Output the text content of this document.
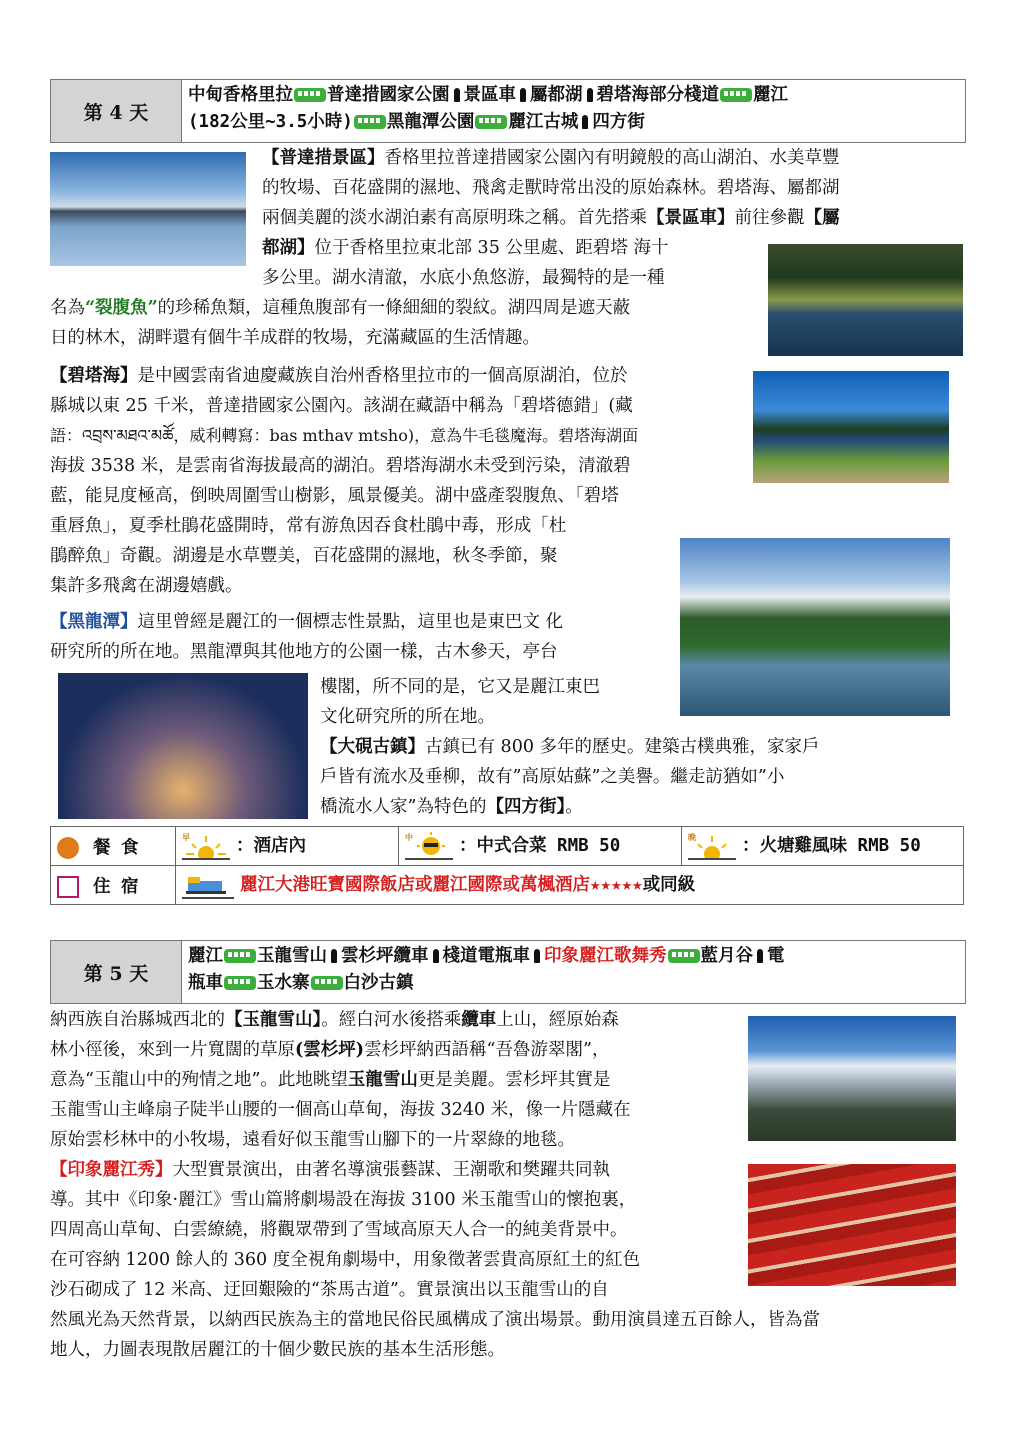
第 4 天
中甸香格里拉 普達措國家公園 景區車 屬都湖 碧塔海部分棧道 麗江
(182公里~3.5小時) 黑龍潭公園 麗江古城 四方街
【普達措景區】香格里拉普達措國家公園內有明鏡般的高山湖泊、水美草豐
的牧場、百花盛開的濕地、飛禽走獸時常出没的原始森林。碧塔海、屬都湖
兩個美麗的淡水湖泊素有高原明珠之稱。首先搭乘【景區車】前往參觀【屬
都湖】位于香格里拉東北部 35 公里處、距碧塔 海十
多公里。湖水清澈，水底小魚悠游，最獨特的是一種
名為“裂腹魚”的珍稀魚類，這種魚腹部有一條細細的裂紋。湖四周是遮天蔽
日的林木，湖畔還有個牛羊成群的牧場，充滿藏區的生活情趣。
【碧塔海】是中國雲南省迪慶藏族自治州香格里拉市的一個高原湖泊，位於
縣城以東 25 千米，普達措國家公園內。該湖在藏語中稱為「碧塔德錯」(藏
語：འབྲས་མཐའ་མཚོ，威利轉寫：bas mthav mtsho)，意為牛毛毯魔海。碧塔海湖面
海拔 3538 米，是雲南省海拔最高的湖泊。碧塔海湖水未受到污染，清澈碧
藍，能見度極高，倒映周圍雪山樹影，風景優美。湖中盛產裂腹魚、「碧塔
重唇魚」，夏季杜鵑花盛開時，常有游魚因吞食杜鵑中毒，形成「杜
鵑醉魚」奇觀。湖邊是水草豐美，百花盛開的濕地，秋冬季節，聚
集許多飛禽在湖邊嬉戲。
【黑龍潭】這里曾經是麗江的一個標志性景點，這里也是東巴文 化
研究所的所在地。黑龍潭與其他地方的公園一樣，古木參天，亭台
樓閣，所不同的是，它又是麗江東巴
文化研究所的所在地。
【大硯古鎮】古鎮已有 800 多年的歷史。建築古樸典雅，家家戶
戶皆有流水及垂柳，故有”高原姑蘇”之美譽。繼走訪猶如”小
橋流水人家”為特色的【四方街】。
餐 食	早 ：酒店內	中 ：中式合菜 RMB 50	晚 ：火塘雞風味 RMB 50
住 宿	麗江大港旺寶國際飯店或麗江國際或萬楓酒店★★★★★或同級		
第 5 天
麗江 玉龍雪山 雲杉坪纜車 棧道電瓶車 印象麗江歌舞秀 藍月谷 電
瓶車 玉水寨 白沙古鎮
納西族自治縣城西北的【玉龍雪山】。經白河水後搭乘纜車上山，經原始森
林小徑後，來到一片寬闊的草原(雲杉坪)雲杉坪納西語稱“吾魯游翠閣”，
意為“玉龍山中的殉情之地”。此地眺望玉龍雪山更是美麗。雲杉坪其實是
玉龍雪山主峰扇子陡半山腰的一個高山草甸，海拔 3240 米，像一片隱藏在
原始雲杉林中的小牧場，遠看好似玉龍雪山腳下的一片翠綠的地毯。
【印象麗江秀】大型實景演出，由著名導演張藝謀、王潮歌和樊躍共同執
導。其中《印象·麗江》雪山篇將劇場設在海拔 3100 米玉龍雪山的懷抱裏，
四周高山草甸、白雲繚繞，將觀眾帶到了雪域高原天人合一的純美背景中。
在可容納 1200 餘人的 360 度全視角劇場中，用象徵著雲貴高原紅土的紅色
沙石砌成了 12 米高、迂回艱險的“茶馬古道”。實景演出以玉龍雪山的自
然風光為天然背景，以納西民族為主的當地民俗民風構成了演出場景。動用演員達五百餘人，皆為當
地人，力圖表現散居麗江的十個少數民族的基本生活形態。
